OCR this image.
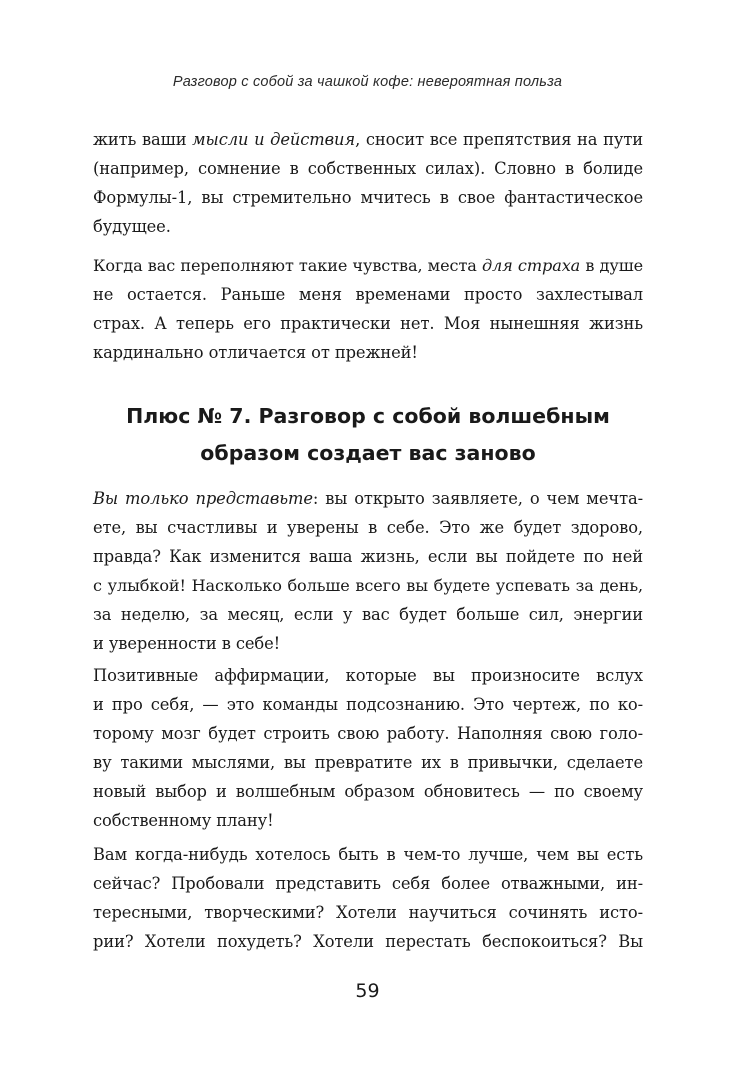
Разговор с собой за чашкой кофе: невероятная польза
жить ваши мысли и действия, сносит все препятствия на пути
(например, сомнение в собственных силах). Словно в болиде
Формулы-1, вы стремительно мчитесь в свое фантастическое
будущее.
Когда вас переполняют такие чувства, места для страха в душе
не остается. Раньше меня временами просто захлестывал
страх. А теперь его практически нет. Моя нынешняя жизнь
кардинально отличается от прежней!
Плюс № 7. Разговор с собой волшебным
образом создает вас заново
Вы только представьте: вы открыто заявляете, о чем мечта-
ете, вы счастливы и уверены в себе. Это же будет здорово,
правда? Как изменится ваша жизнь, если вы пойдете по ней
с улыбкой! Насколько больше всего вы будете успевать за день,
за неделю, за месяц, если у вас будет больше сил, энергии
и уверенности в себе!
Позитивные аффирмации, которые вы произносите вслух
и про себя, — это команды подсознанию. Это чертеж, по ко-
торому мозг будет строить свою работу. Наполняя свою голо-
ву такими мыслями, вы превратите их в привычки, сделаете
новый выбор и волшебным образом обновитесь — по своему
собственному плану!
Вам когда-нибудь хотелось быть в чем-то лучше, чем вы есть
сейчас? Пробовали представить себя более отважными, ин-
тересными, творческими? Хотели научиться сочинять исто-
рии? Хотели похудеть? Хотели перестать беспокоиться? Вы
59
